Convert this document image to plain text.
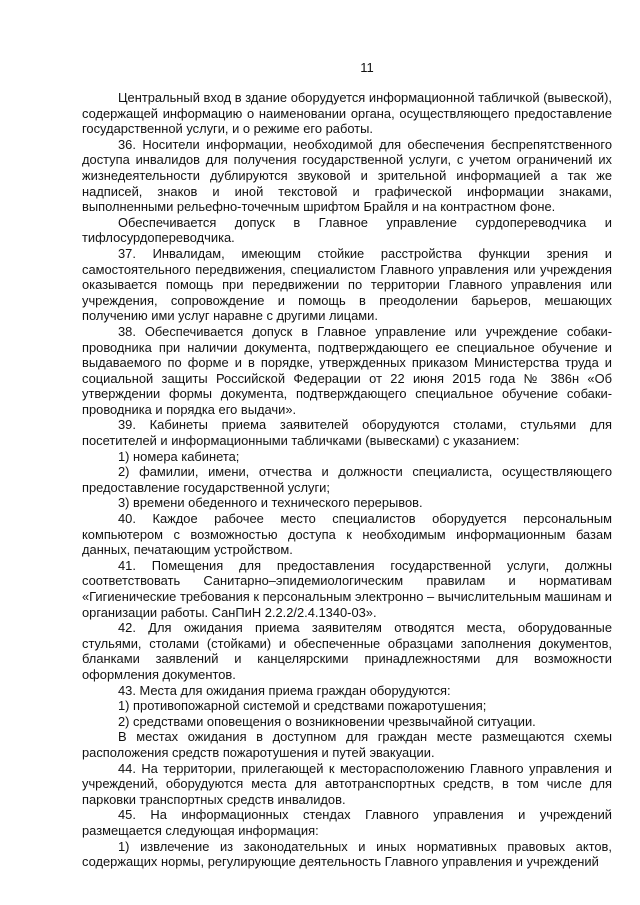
11

Центральный вход в здание оборудуется информационной табличкой (вывеской), содержащей информацию о наименовании органа, осуществляющего предоставление государственной услуги, и о режиме его работы.

36. Носители информации, необходимой для обеспечения беспрепятственного доступа инвалидов для получения государственной услуги, с учетом ограничений их жизнедеятельности дублируются звуковой и зрительной информацией а так же надписей, знаков и иной текстовой и графической информации знаками, выполненными рельефно-точечным шрифтом Брайля и на контрастном фоне.

Обеспечивается допуск в Главное управление сурдопереводчика и тифлосурдопереводчика.

37. Инвалидам, имеющим стойкие расстройства функции зрения и самостоятельного передвижения, специалистом Главного управления или учреждения оказывается помощь при передвижении по территории Главного управления или учреждения, сопровождение и помощь в преодолении барьеров, мешающих получению ими услуг наравне с другими лицами.

38. Обеспечивается допуск в Главное управление или учреждение собаки-проводника при наличии документа, подтверждающего ее специальное обучение и выдаваемого по форме и в порядке, утвержденных приказом Министерства труда и социальной защиты Российской Федерации от 22 июня 2015 года № 386н «Об утверждении формы документа, подтверждающего специальное обучение собаки-проводника и порядка его выдачи».

39. Кабинеты приема заявителей оборудуются столами, стульями для посетителей и информационными табличками (вывесками) с указанием:

1) номера кабинета;

2) фамилии, имени, отчества и должности специалиста, осуществляющего предоставление государственной услуги;

3) времени обеденного и технического перерывов.

40. Каждое рабочее место специалистов оборудуется персональным компьютером с возможностью доступа к необходимым информационным базам данных, печатающим устройством.

41. Помещения для предоставления государственной услуги, должны соответствовать Санитарно–эпидемиологическим правилам и нормативам «Гигиенические требования к персональным электронно – вычислительным машинам и организации работы. СанПиН 2.2.2/2.4.1340-03».

42. Для ожидания приема заявителям отводятся места, оборудованные стульями, столами (стойками) и обеспеченные образцами заполнения документов, бланками заявлений и канцелярскими принадлежностями для возможности оформления документов.

43. Места для ожидания приема граждан оборудуются:

1) противопожарной системой и средствами пожаротушения;

2) средствами оповещения о возникновении чрезвычайной ситуации.

В местах ожидания в доступном для граждан месте размещаются схемы расположения средств пожаротушения и путей эвакуации.

44. На территории, прилегающей к месторасположению Главного управления и учреждений, оборудуются места для автотранспортных средств, в том числе для парковки транспортных средств инвалидов.

45. На информационных стендах Главного управления и учреждений размещается следующая информация:

1) извлечение из законодательных и иных нормативных правовых актов, содержащих нормы, регулирующие деятельность Главного управления и учреждений
